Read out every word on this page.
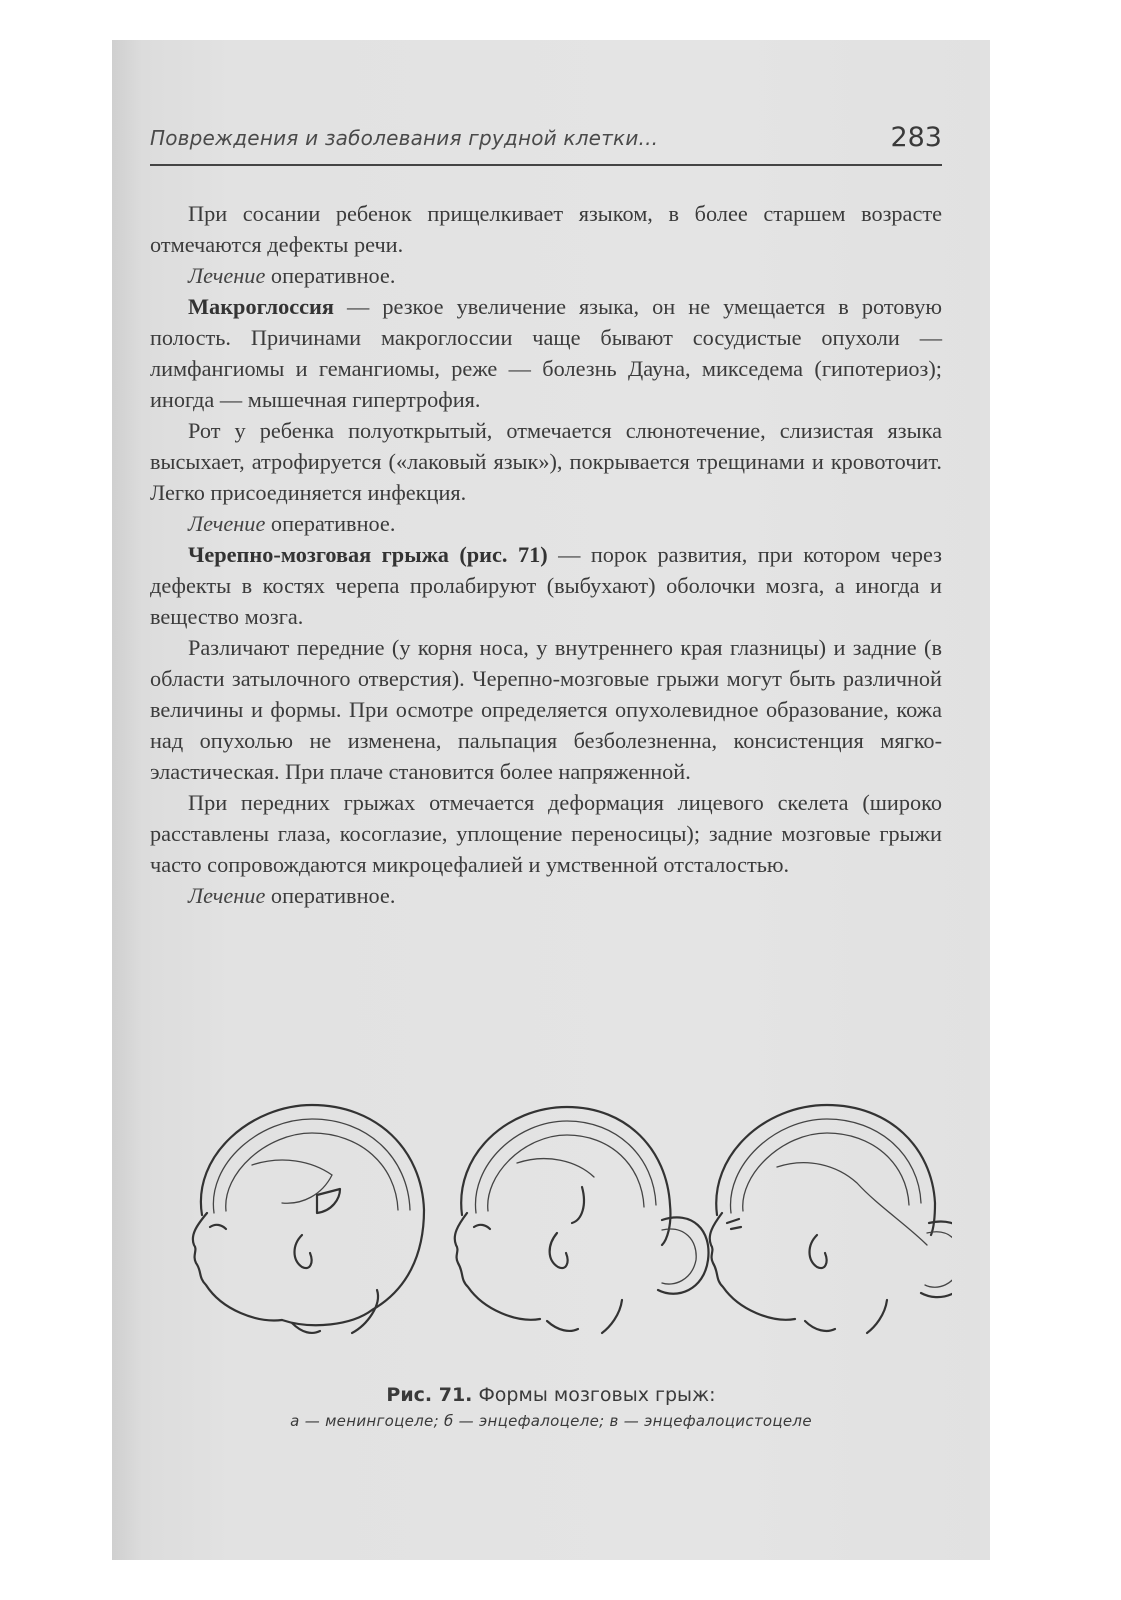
Повреждения и заболевания грудной клетки...	283

При сосании ребенок прищелкивает языком, в более старшем возрасте отмечаются дефекты речи.

Лечение оперативное.

Макроглоссия — резкое увеличение языка, он не умещается в ротовую полость. Причинами макроглоссии чаще бывают сосудистые опухоли — лимфангиомы и гемангиомы, реже — болезнь Дауна, микседема (гипотериоз); иногда — мышечная гипертрофия.

Рот у ребенка полуоткрытый, отмечается слюнотечение, слизистая языка высыхает, атрофируется («лаковый язык»), покрывается трещинами и кровоточит. Легко присоединяется инфекция.

Лечение оперативное.

Черепно-мозговая грыжа (рис. 71) — порок развития, при котором через дефекты в костях черепа пролабируют (выбухают) оболочки мозга, а иногда и вещество мозга.

Различают передние (у корня носа, у внутреннего края глазницы) и задние (в области затылочного отверстия). Черепно-мозговые грыжи могут быть различной величины и формы. При осмотре определяется опухолевидное образование, кожа над опухолью не изменена, пальпация безболезненна, консистенция мягко-эластическая. При плаче становится более напряженной.

При передних грыжах отмечается деформация лицевого скелета (широко расставлены глаза, косоглазие, уплощение переносицы); задние мозговые грыжи часто сопровождаются микроцефалией и умственной отсталостью.

Лечение оперативное.

Рис. 71. Формы мозговых грыж:
а — менингоцеле; б — энцефалоцеле; в — энцефалоцистоцеле
